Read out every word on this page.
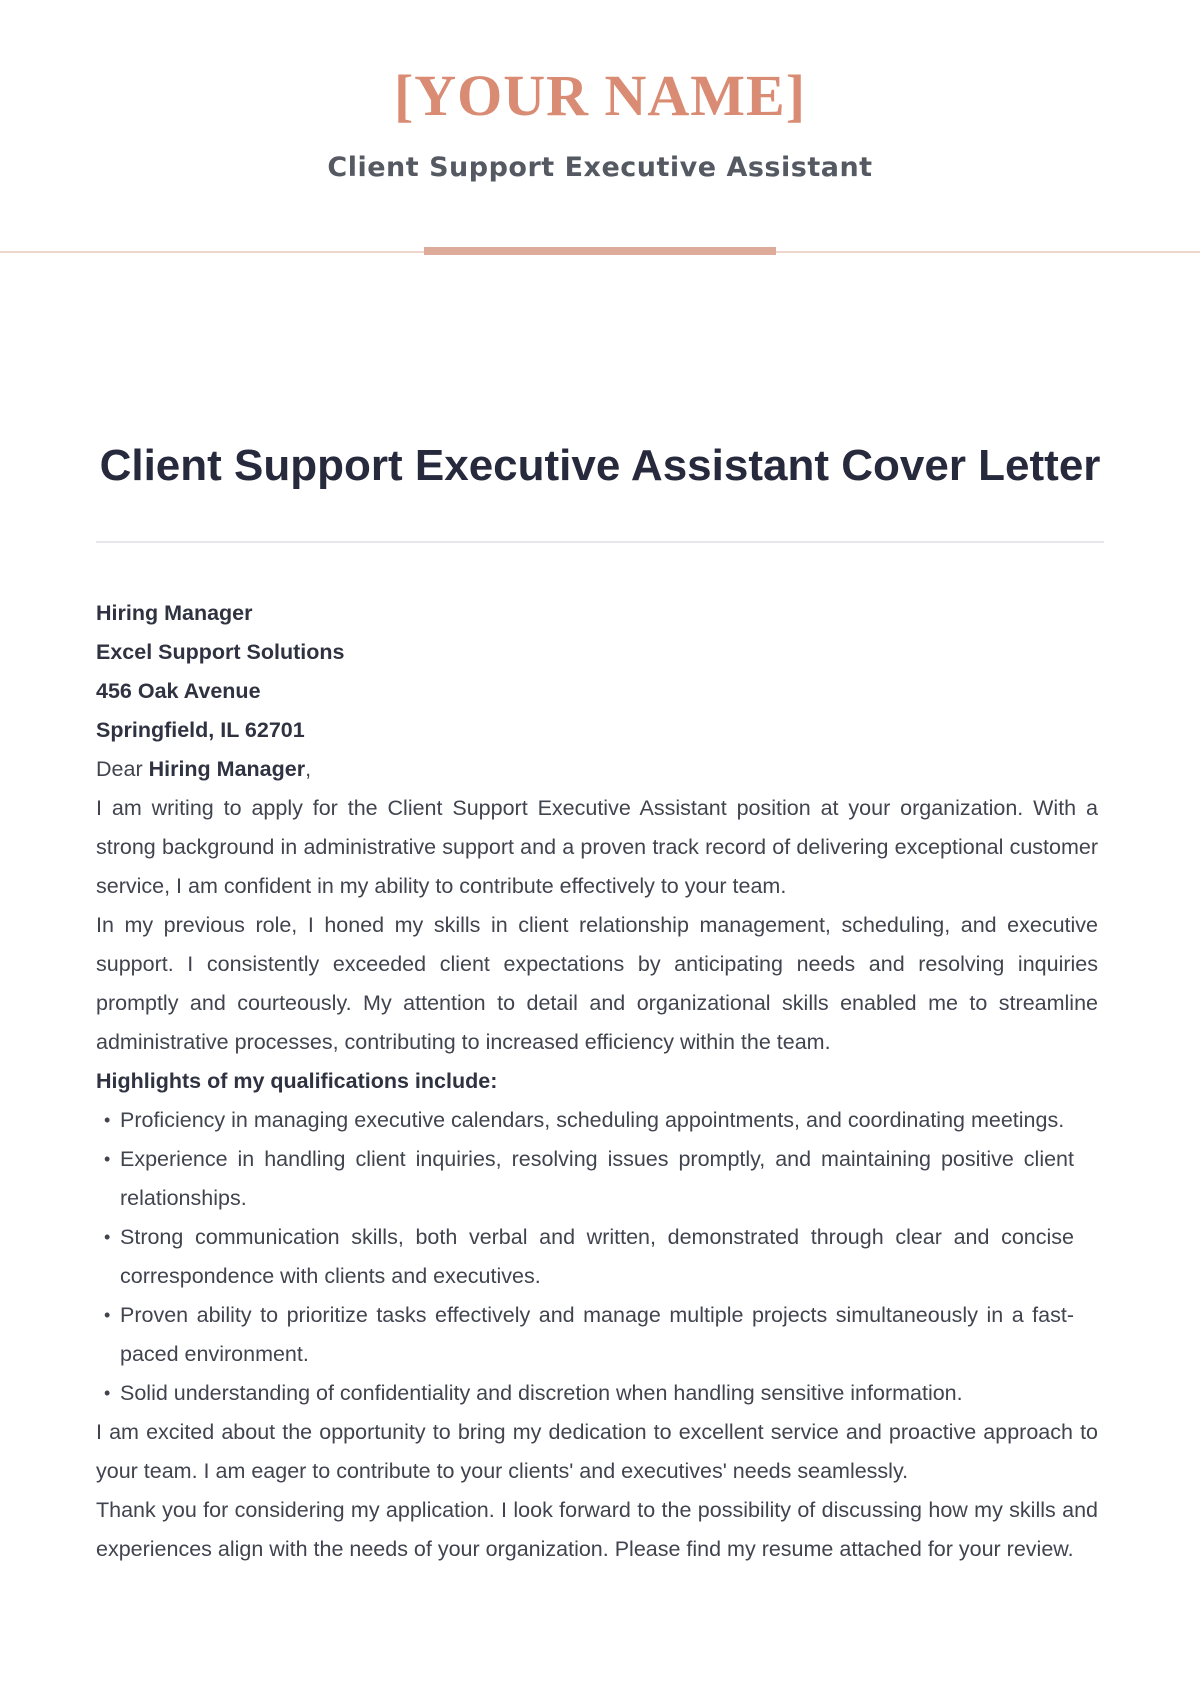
[YOUR NAME]
Client Support Executive Assistant
Client Support Executive Assistant Cover Letter

Hiring Manager

Excel Support Solutions

456 Oak Avenue

Springfield, IL 62701

Dear Hiring Manager,

I am writing to apply for the Client Support Executive Assistant position at your organization. With a strong background in administrative support and a proven track record of delivering exceptional customer service, I am confident in my ability to contribute effectively to your team.

In my previous role, I honed my skills in client relationship management, scheduling, and executive support. I consistently exceeded client expectations by anticipating needs and resolving inquiries promptly and courteously. My attention to detail and organizational skills enabled me to streamline administrative processes, contributing to increased efficiency within the team.

Highlights of my qualifications include:

• Proficiency in managing executive calendars, scheduling appointments, and coordinating meetings.
• Experience in handling client inquiries, resolving issues promptly, and maintaining positive client relationships.
• Strong communication skills, both verbal and written, demonstrated through clear and concise correspondence with clients and executives.
• Proven ability to prioritize tasks effectively and manage multiple projects simultaneously in a fast-paced environment.
• Solid understanding of confidentiality and discretion when handling sensitive information.

I am excited about the opportunity to bring my dedication to excellent service and proactive approach to your team. I am eager to contribute to your clients' and executives' needs seamlessly.

Thank you for considering my application. I look forward to the possibility of discussing how my skills and experiences align with the needs of your organization. Please find my resume attached for your review.
